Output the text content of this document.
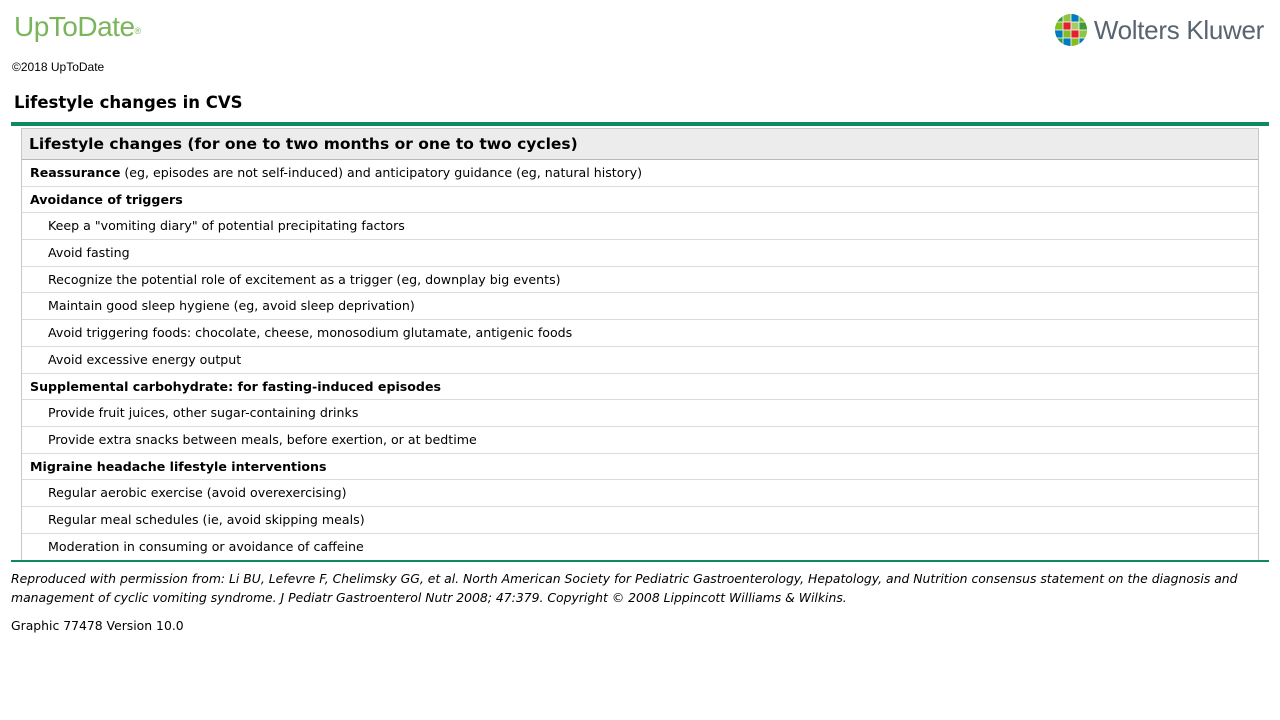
UpToDate®	Wolters Kluwer
©2018 UpToDate
Lifestyle changes in CVS
Lifestyle changes (for one to two months or one to two cycles)
Reassurance (eg, episodes are not self-induced) and anticipatory guidance (eg, natural history)
Avoidance of triggers
Keep a "vomiting diary" of potential precipitating factors
Avoid fasting
Recognize the potential role of excitement as a trigger (eg, downplay big events)
Maintain good sleep hygiene (eg, avoid sleep deprivation)
Avoid triggering foods: chocolate, cheese, monosodium glutamate, antigenic foods
Avoid excessive energy output
Supplemental carbohydrate: for fasting-induced episodes
Provide fruit juices, other sugar-containing drinks
Provide extra snacks between meals, before exertion, or at bedtime
Migraine headache lifestyle interventions
Regular aerobic exercise (avoid overexercising)
Regular meal schedules (ie, avoid skipping meals)
Moderation in consuming or avoidance of caffeine
Reproduced with permission from: Li BU, Lefevre F, Chelimsky GG, et al. North American Society for Pediatric Gastroenterology, Hepatology, and Nutrition consensus statement on the diagnosis and management of cyclic vomiting syndrome. J Pediatr Gastroenterol Nutr 2008; 47:379. Copyright © 2008 Lippincott Williams & Wilkins.
Graphic 77478 Version 10.0
